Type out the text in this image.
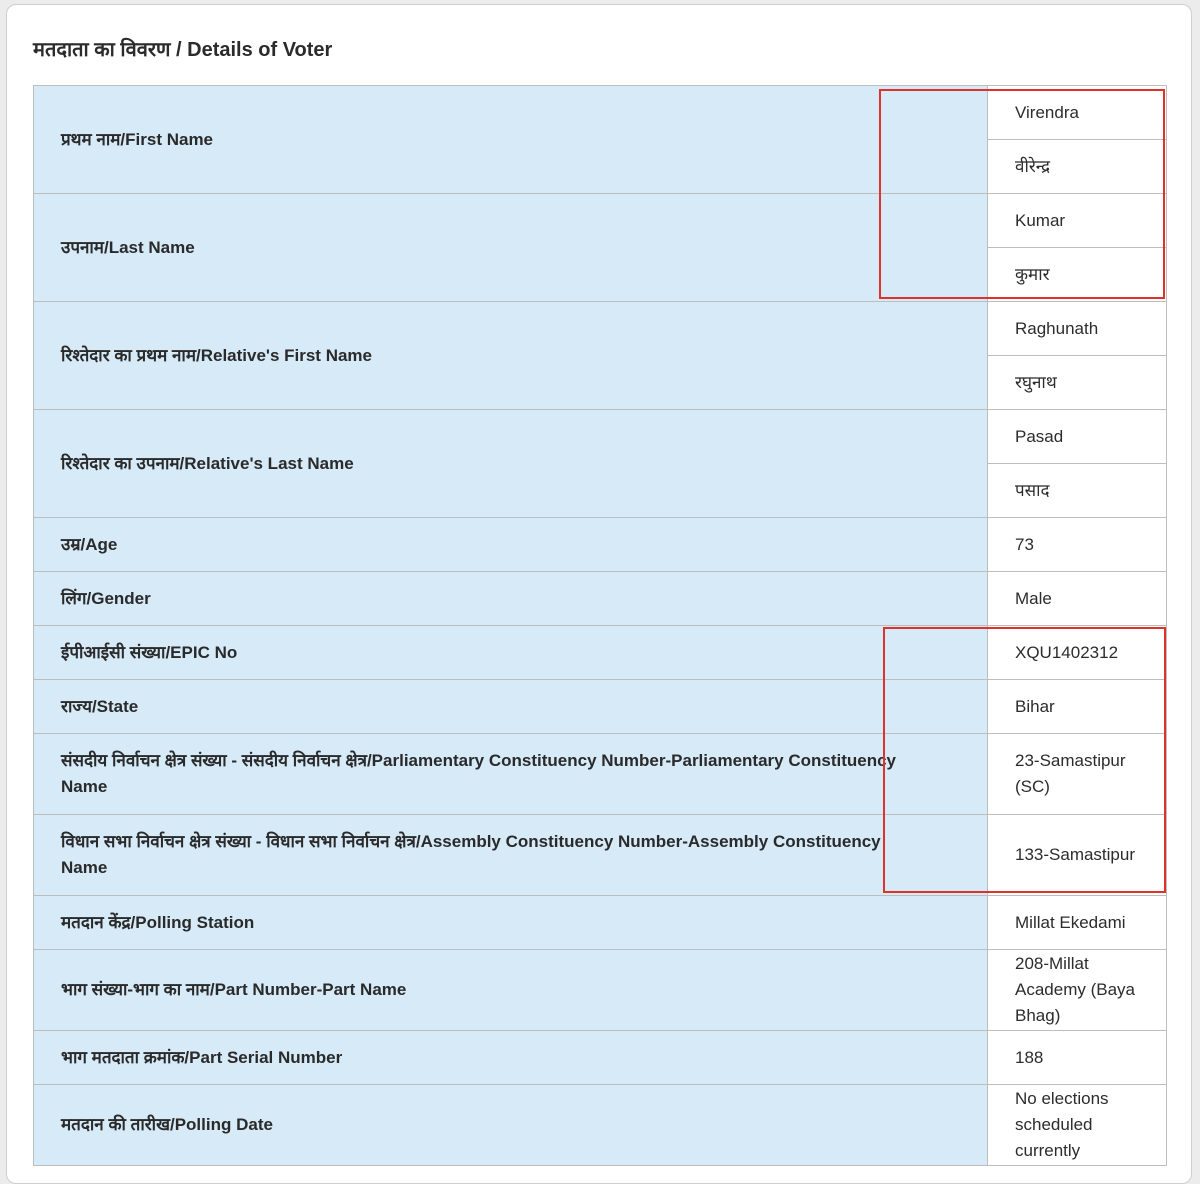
मतदाता का विवरण / Details of Voter
प्रथम नाम/First Name	Virendra
	वीरेन्द्र
उपनाम/Last Name	Kumar
	कुमार
रिश्तेदार का प्रथम नाम/Relative's First Name	Raghunath
	रघुनाथ
रिश्तेदार का उपनाम/Relative's Last Name	Pasad
	पसाद
उम्र/Age	73
लिंग/Gender	Male
ईपीआईसी संख्या/EPIC No	XQU1402312
राज्य/State	Bihar
संसदीय निर्वाचन क्षेत्र संख्या - संसदीय निर्वाचन क्षेत्र/Parliamentary Constituency Number-Parliamentary Constituency Name	23-Samastipur (SC)
विधान सभा निर्वाचन क्षेत्र संख्या - विधान सभा निर्वाचन क्षेत्र/Assembly Constituency Number-Assembly Constituency Name	133-Samastipur
मतदान केंद्र/Polling Station	Millat Ekedami
भाग संख्या-भाग का नाम/Part Number-Part Name	208-Millat Academy (Baya Bhag)
भाग मतदाता क्रमांक/Part Serial Number	188
मतदान की तारीख/Polling Date	No elections scheduled currently
